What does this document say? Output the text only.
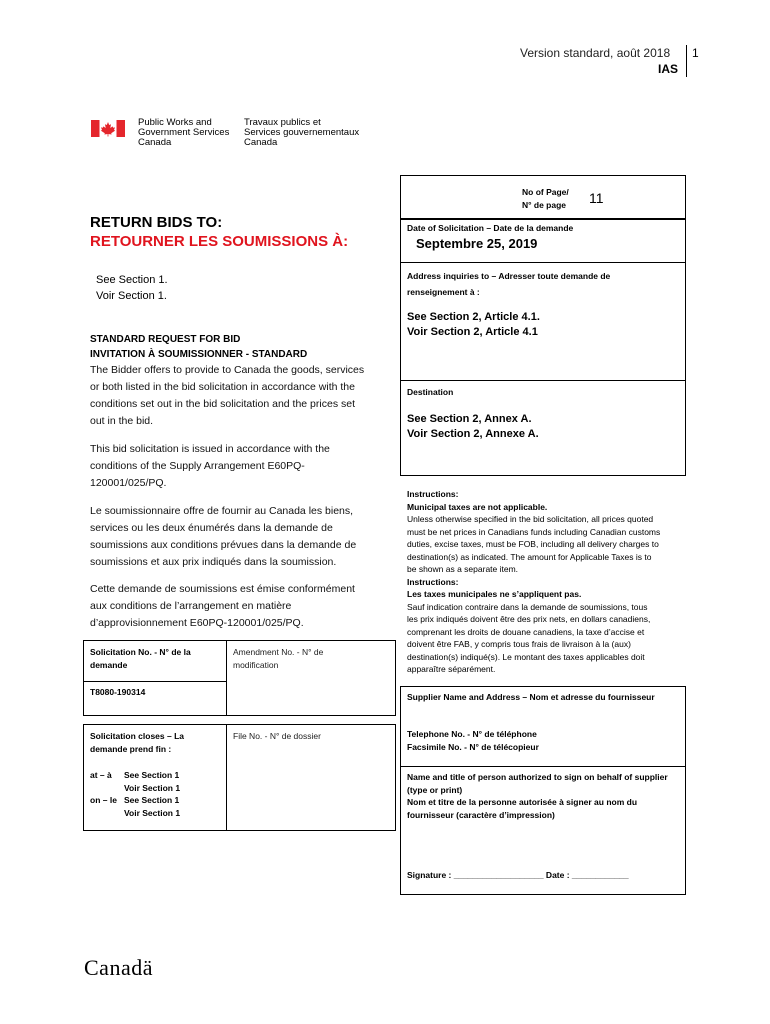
Version standard, août 2018 1
IAS
Public Works and
Government Services
Canada
Travaux publics et
Services gouvernementaux
Canada
No of Page/
N° de page 11
RETURN BIDS TO:
RETOURNER LES SOUMISSIONS À:
See Section 1.
Voir Section 1.
Date of Solicitation – Date de la demande
Septembre 25, 2019
Address inquiries to – Adresser toute demande de
renseignement à :
See Section 2, Article 4.1.
Voir Section 2, Article 4.1
Destination
See Section 2, Annex A.
Voir Section 2, Annexe A.
STANDARD REQUEST FOR BID
INVITATION À SOUMISSIONNER - STANDARD
The Bidder offers to provide to Canada the goods, services
or both listed in the bid solicitation in accordance with the
conditions set out in the bid solicitation and the prices set
out in the bid.
This bid solicitation is issued in accordance with the
conditions of the Supply Arrangement E60PQ-
120001/025/PQ.
Le soumissionnaire offre de fournir au Canada les biens,
services ou les deux énumérés dans la demande de
soumissions aux conditions prévues dans la demande de
soumissions et aux prix indiqués dans la soumission.
Cette demande de soumissions est émise conformément
aux conditions de l’arrangement en matière
d’approvisionnement E60PQ-120001/025/PQ.
Instructions:
Municipal taxes are not applicable.
Unless otherwise specified in the bid solicitation, all prices quoted
must be net prices in Canadians funds including Canadian customs
duties, excise taxes, must be FOB, including all delivery charges to
destination(s) as indicated. The amount for Applicable Taxes is to
be shown as a separate item.
Instructions:
Les taxes municipales ne s’appliquent pas.
Sauf indication contraire dans la demande de soumissions, tous
les prix indiqués doivent être des prix nets, en dollars canadiens,
comprenant les droits de douane canadiens, la taxe d’accise et
doivent être FAB, y compris tous frais de livraison à la (aux)
destination(s) indiqué(s). Le montant des taxes applicables doit
apparaître séparément.
Solicitation No. - N° de la
demande
T8080-190314
Amendment No. - N° de
modification
Solicitation closes – La
demande prend fin :
at – à	See Section 1
Voir Section 1
on – le See Section 1
Voir Section 1
File No. - N° de dossier
Supplier Name and Address – Nom et adresse du fournisseur
Telephone No. - N° de téléphone
Facsimile No. - N° de télécopieur
Name and title of person authorized to sign on behalf of supplier
(type or print)
Nom et titre de la personne autorisée à signer au nom du
fournisseur (caractère d’impression)
Signature : ___________________ Date : ____________
Canadä
